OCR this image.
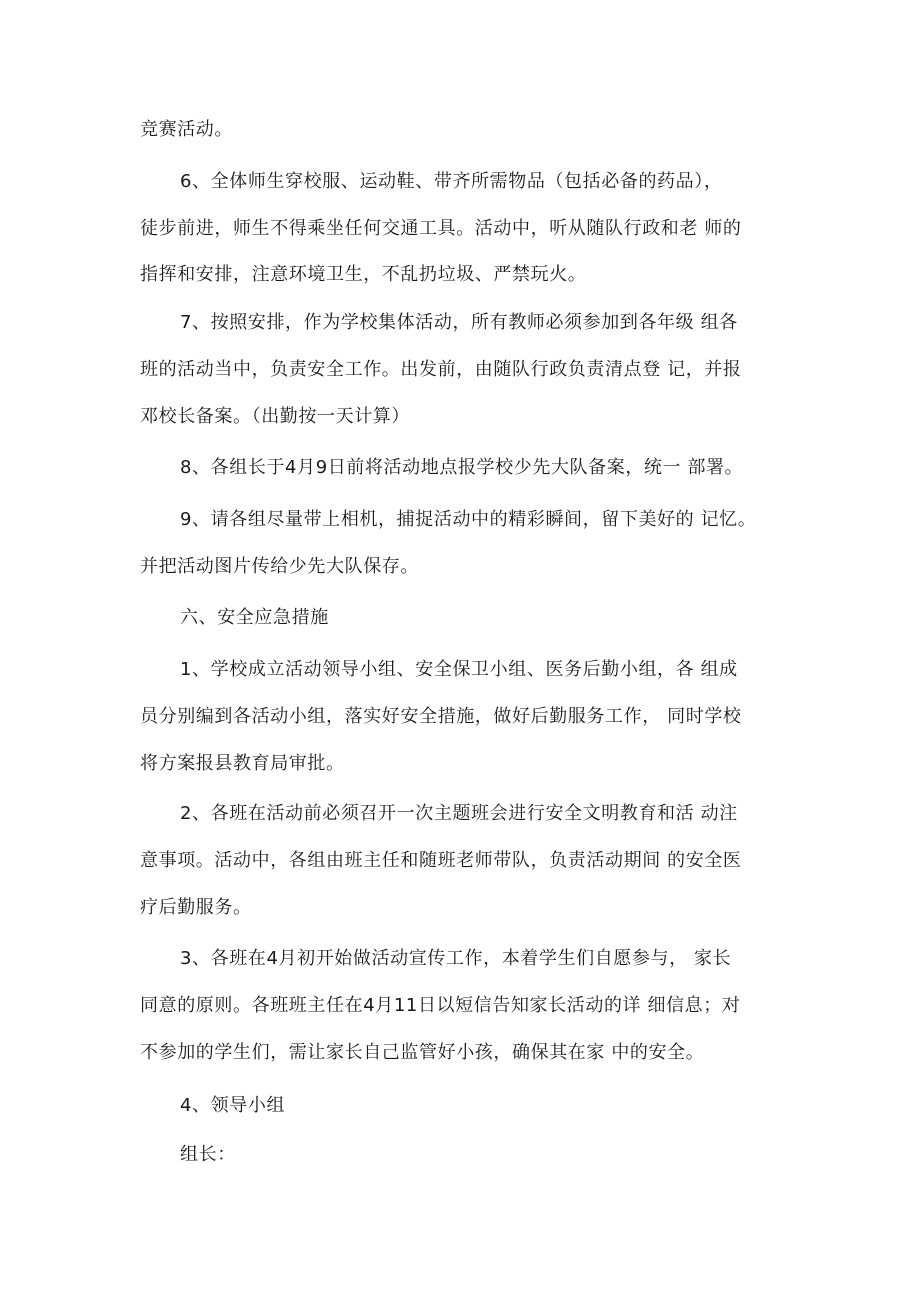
竞赛活动。
6、全体师生穿校服、运动鞋、带齐所需物品（包括必备的药品），
徒步前进，师生不得乘坐任何交通工具。活动中，听从随队行政和老 师的
指挥和安排，注意环境卫生，不乱扔垃圾、严禁玩火。
7、按照安排，作为学校集体活动，所有教师必须参加到各年级 组各
班的活动当中，负责安全工作。出发前，由随队行政负责清点登 记，并报
邓校长备案。（出勤按一天计算）
8、各组长于4月9日前将活动地点报学校少先大队备案，统一 部署。
9、请各组尽量带上相机，捕捉活动中的精彩瞬间，留下美好的 记忆。
并把活动图片传给少先大队保存。
六、安全应急措施
1、学校成立活动领导小组、安全保卫小组、医务后勤小组，各 组成
员分别编到各活动小组，落实好安全措施，做好后勤服务工作， 同时学校
将方案报县教育局审批。
2、各班在活动前必须召开一次主题班会进行安全文明教育和活 动注
意事项。活动中，各组由班主任和随班老师带队，负责活动期间 的安全医
疗后勤服务。
3、各班在4月初开始做活动宣传工作，本着学生们自愿参与， 家长
同意的原则。各班班主任在4月11日以短信告知家长活动的详 细信息；对
不参加的学生们，需让家长自己监管好小孩，确保其在家 中的安全。
4、领导小组
组长：
